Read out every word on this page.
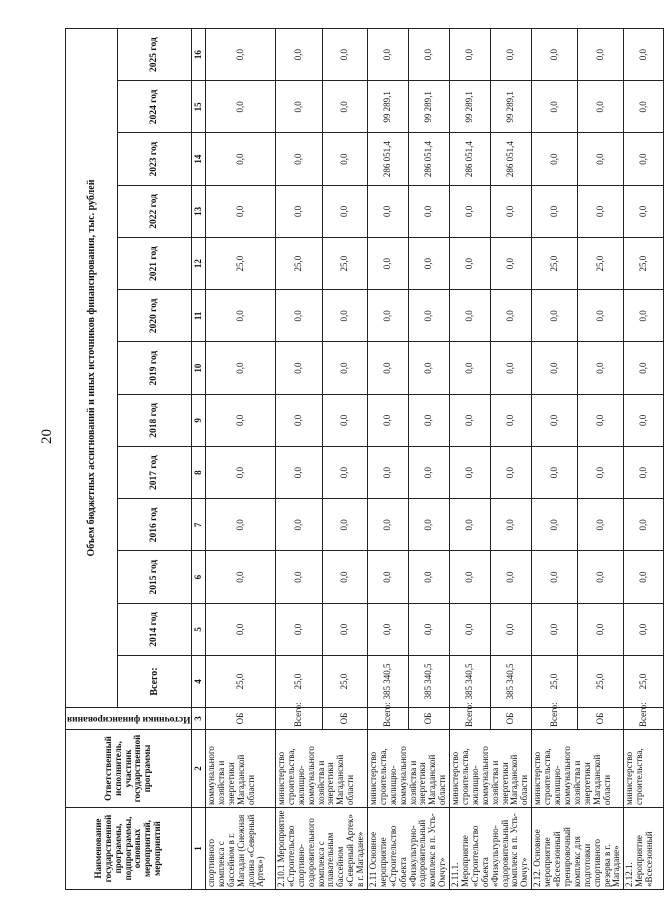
20
Наименование государственной программы, подпрограммы, основных мероприятий, мероприятий	Ответственный исполнитель, участник государственной программы	Источники финансирования	Объем бюджетных ассигнований и иных источников финансирования, тыс. рублей												
			Всего:	2014 год	2015 год	2016 год	2017 год	2018 год	2019 год	2020 год	2021 год	2022 год	2023 год	2024 год	2025 год
1	2	3	4	5	6	7	8	9	10	11	12	13	14	15	16
спортивного комплекса с бассейном в г. Магадан (Снежная долина «Северный Артек»)	коммунального хозяйства и энергетики Магаданской области	ОБ	25,0	0,0	0,0	0,0	0,0	0,0	0,0	0,0	25,0	0,0	0,0	0,0	0,0
2.10.1 Мероприятие «Строительство спортивно-оздоровительного комплекса с плавательным бассейном «Северный Артек» в г. Магадане»	министерство строительства, жилищно-коммунального хозяйства и энергетики Магаданской области	Всего:	25,0	0,0	0,0	0,0	0,0	0,0	0,0	0,0	25,0	0,0	0,0	0,0	0,0
		ОБ	25,0	0,0	0,0	0,0	0,0	0,0	0,0	0,0	25,0	0,0	0,0	0,0	0,0
2.11 Основное мероприятие «Строительство объекта «Физкультурно-оздоровительный комплекс в п. Усть-Омчуг»	министерство строительства, жилищно-коммунального хозяйства и энергетики Магаданской области	Всего:	385 340,5	0,0	0,0	0,0	0,0	0,0	0,0	0,0	0,0	0,0	286 051,4	99 289,1	0,0
		ОБ	385 340,5	0,0	0,0	0,0	0,0	0,0	0,0	0,0	0,0	0,0	286 051,4	99 289,1	0,0
2.11.1. Мероприятие «Строительство объекта «Физкультурно-оздоровительный комплекс в п. Усть-Омчуг»	министерство строительства, жилищно-коммунального хозяйства и энергетики Магаданской области	Всего:	385 340,5	0,0	0,0	0,0	0,0	0,0	0,0	0,0	0,0	0,0	286 051,4	99 289,1	0,0
		ОБ	385 340,5	0,0	0,0	0,0	0,0	0,0	0,0	0,0	0,0	0,0	286 051,4	99 289,1	0,0
2.12. Основное мероприятие «Всесезонный тренировочный комплекс для подготовки спортивного резерва в г. Магадане»	министерство строительства, жилищно-коммунального хозяйства и энергетики Магаданской области	Всего:	25,0	0,0	0,0	0,0	0,0	0,0	0,0	0,0	25,0	0,0	0,0	0,0	0,0
		ОБ	25,0	0,0	0,0	0,0	0,0	0,0	0,0	0,0	25,0	0,0	0,0	0,0	0,0
2.12.1. Мероприятие «Всесезонный	министерство строительства,	Всего:	25,0	0,0	0,0	0,0	0,0	0,0	0,0	0,0	25,0	0,0	0,0	0,0	0,0
